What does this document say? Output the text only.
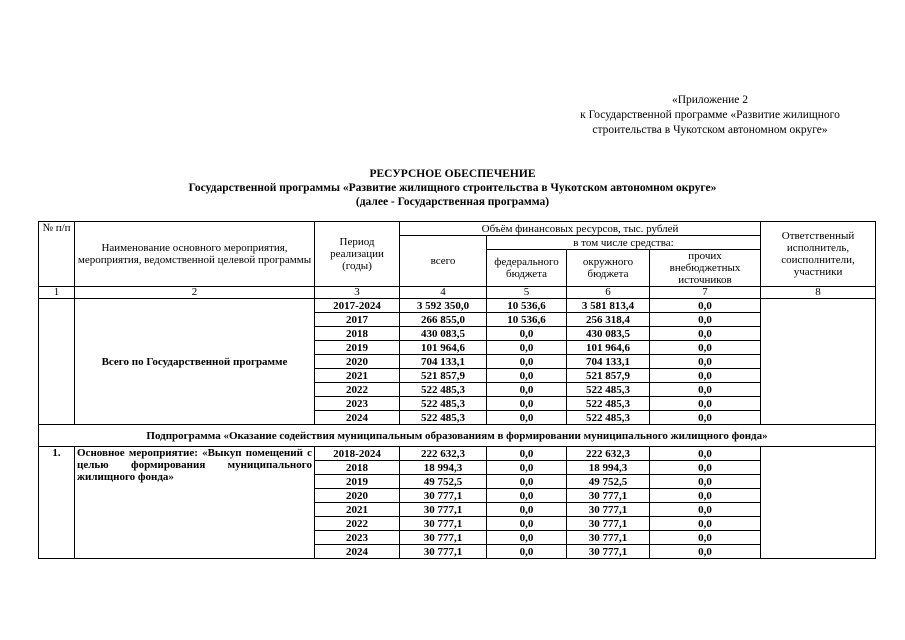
«Приложение 2
к Государственной программе «Развитие жилищного
строительства в Чукотском автономном округе»
РЕСУРСНОЕ ОБЕСПЕЧЕНИЕ
Государственной программы «Развитие жилищного строительства в Чукотском автономном округе»
(далее - Государственная программа)
№ п/п	Наименование основного мероприятия, мероприятия, ведомственной целевой программы	Период реализации (годы)	Объём финансовых ресурсов, тыс. рублей				Ответственный исполнитель, соисполнители, участники
			всего	в том числе средства:			
				федерального бюджета	окружного бюджета	прочих внебюджетных источников	
1	2	3	4	5	6	7	8
	Всего по Государственной программе	2017-2024	3 592 350,0	10 536,6	3 581 813,4	0,0	
		2017	266 855,0	10 536,6	256 318,4	0,0	
		2018	430 083,5	0,0	430 083,5	0,0	
		2019	101 964,6	0,0	101 964,6	0,0	
		2020	704 133,1	0,0	704 133,1	0,0	
		2021	521 857,9	0,0	521 857,9	0,0	
		2022	522 485,3	0,0	522 485,3	0,0	
		2023	522 485,3	0,0	522 485,3	0,0	
		2024	522 485,3	0,0	522 485,3	0,0	
Подпрограмма «Оказание содействия муниципальным образованиям в формировании муниципального жилищного фонда»							
1.	Основное мероприятие: «Выкуп помещений с целью формирования муниципального жилищного фонда»	2018-2024	222 632,3	0,0	222 632,3	0,0	
		2018	18 994,3	0,0	18 994,3	0,0	
		2019	49 752,5	0,0	49 752,5	0,0	
		2020	30 777,1	0,0	30 777,1	0,0	
		2021	30 777,1	0,0	30 777,1	0,0	
		2022	30 777,1	0,0	30 777,1	0,0	
		2023	30 777,1	0,0	30 777,1	0,0	
		2024	30 777,1	0,0	30 777,1	0,0	
